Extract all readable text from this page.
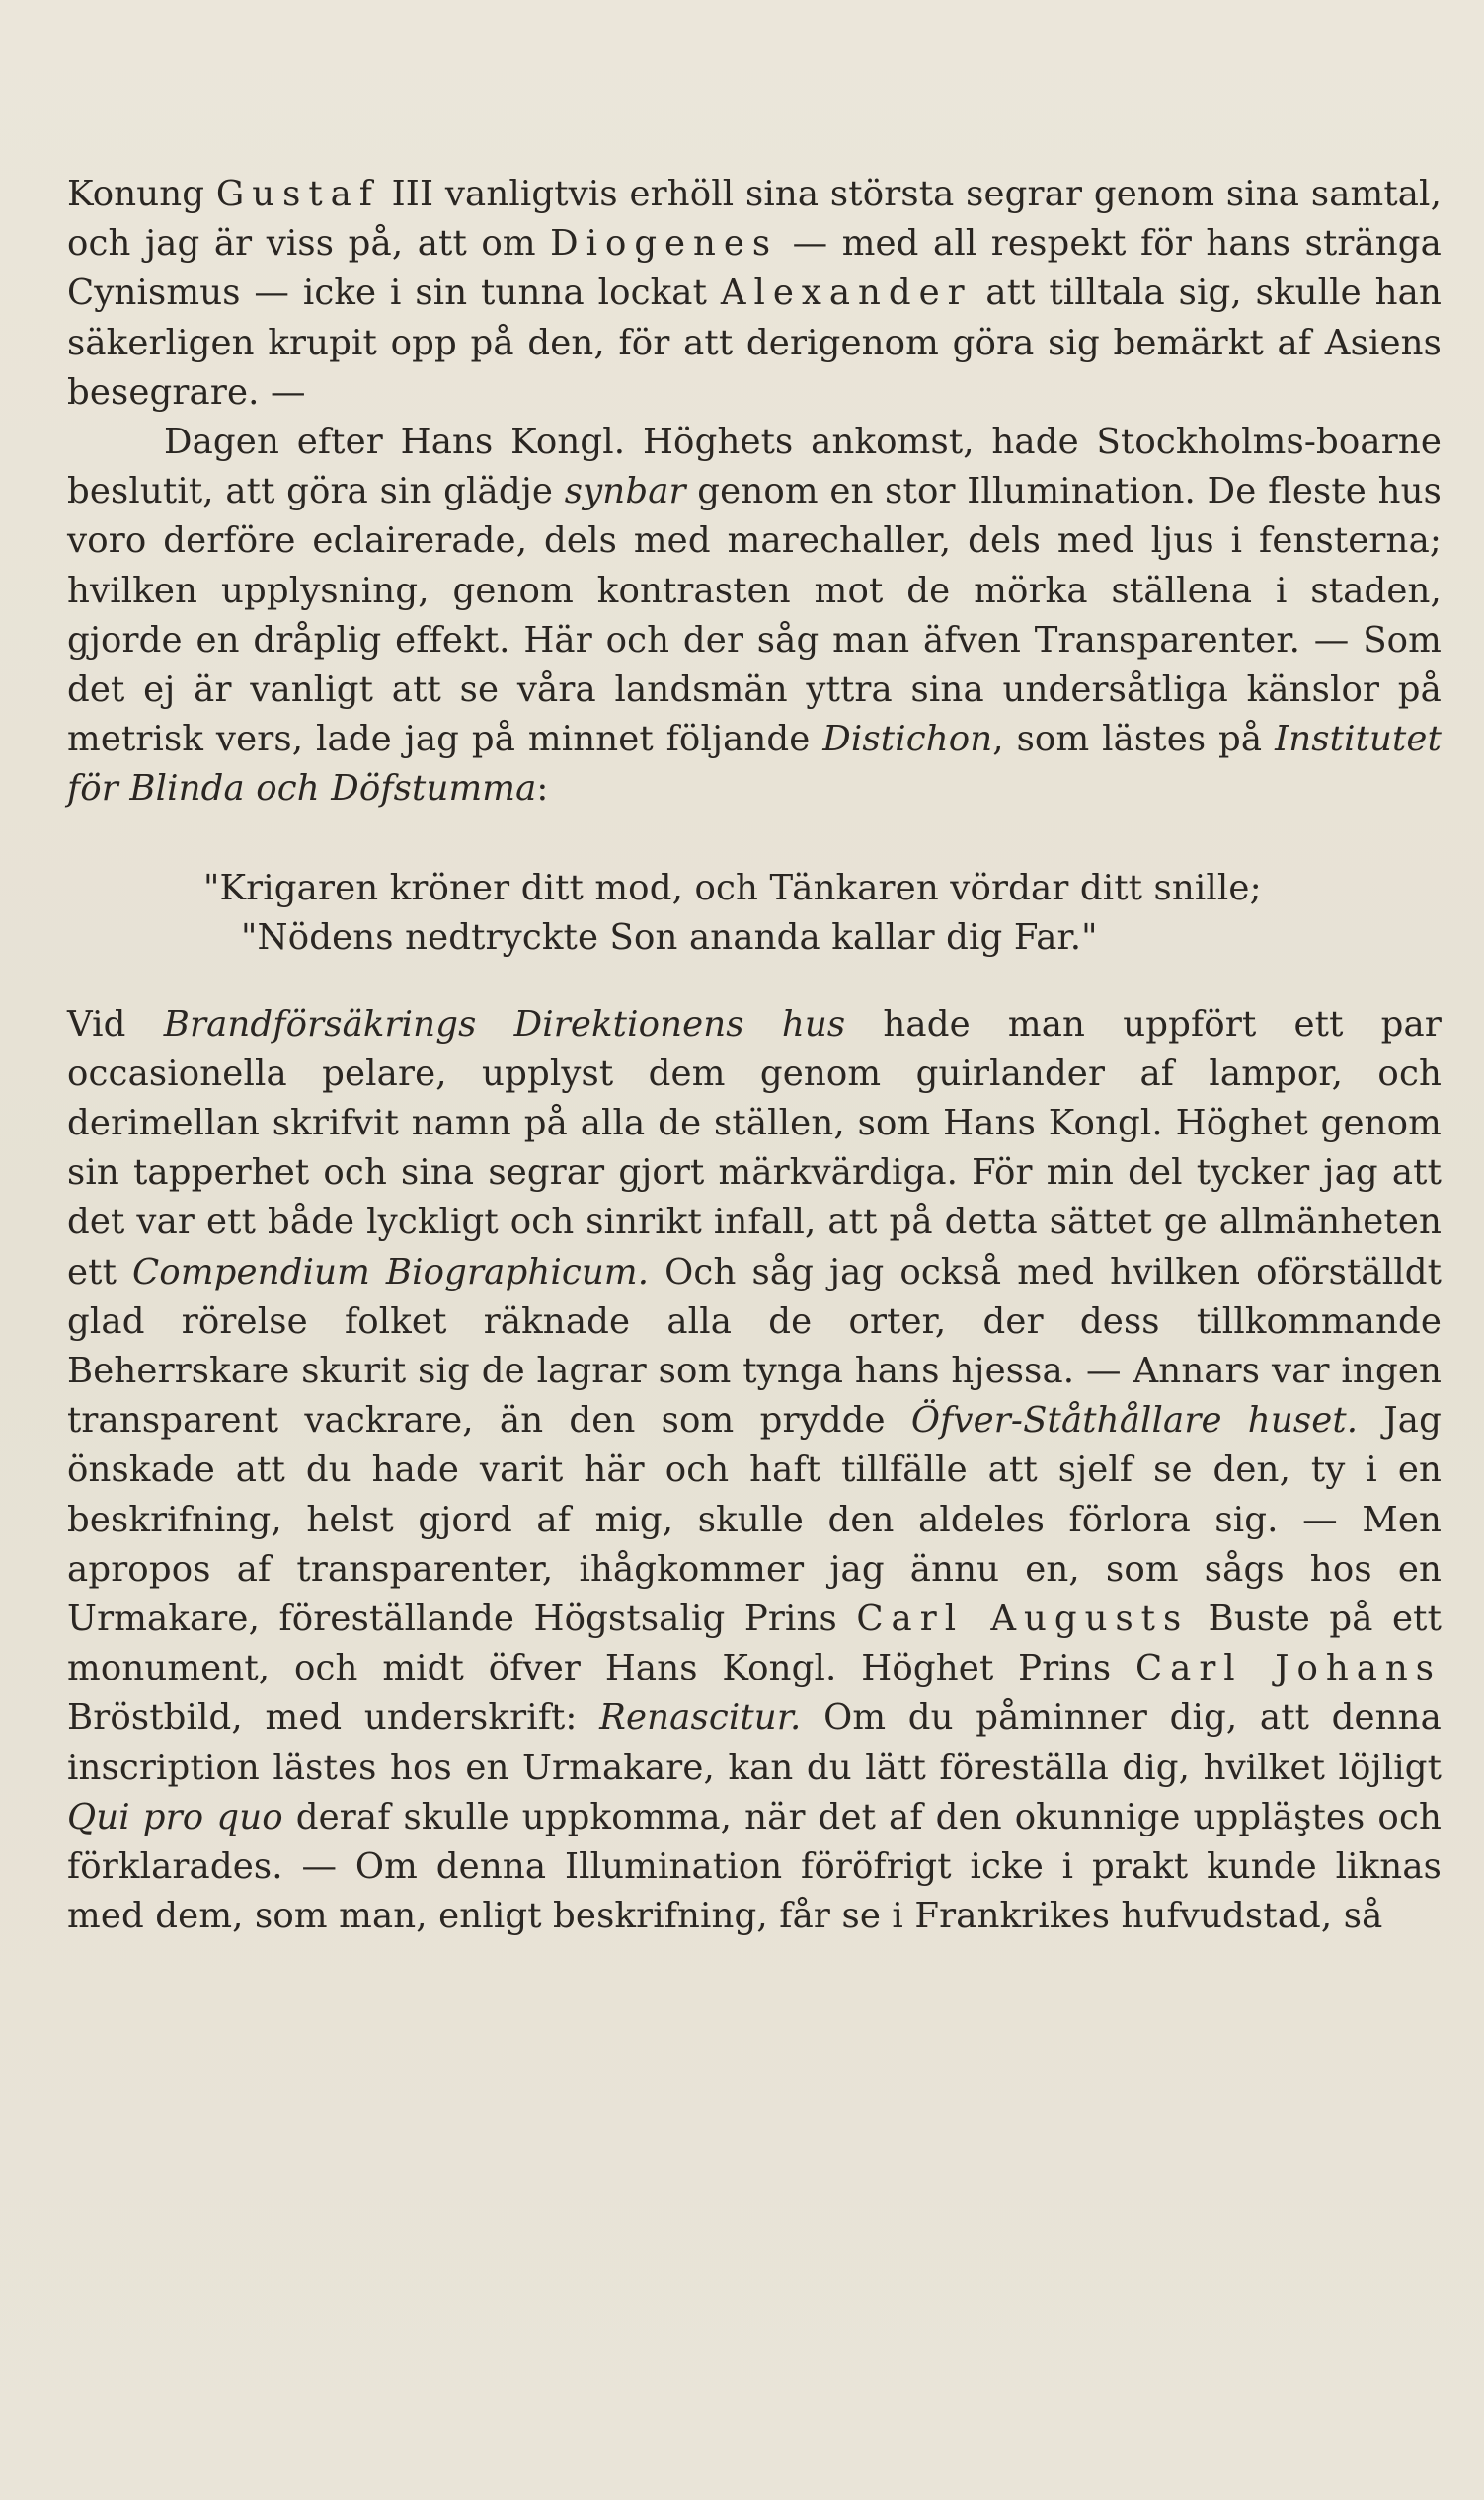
Konung Gustaf III vanligtvis erhöll sina största segrar genom sina samtal, och jag är viss på, att om Diogenes — med all respekt för hans stränga Cynismus — icke i sin tunna lockat Alexander att tilltala sig, skulle han säkerligen krupit opp på den, för att derigenom göra sig bemärkt af Asiens besegrare. —

Dagen efter Hans Kongl. Höghets ankomst, hade Stockholms-boarne beslutit, att göra sin glädje synbar genom en stor Illumination. De fleste hus voro derföre eclairerade, dels med marechaller, dels med ljus i fensterna; hvilken upplysning, genom kontrasten mot de mörka ställena i staden, gjorde en dråplig effekt. Här och der såg man äfven Transparenter. — Som det ej är vanligt att se våra landsmän yttra sina undersåtliga känslor på metrisk vers, lade jag på minnet följande Distichon, som lästes på Institutet för Blinda och Döfstumma:

"Krigaren kröner ditt mod, och Tänkaren vördar ditt snille;
"Nödens nedtryckte Son ananda kallar dig Far."

Vid Brandförsäkrings Direktionens hus hade man uppfört ett par occasionella pelare, upplyst dem genom guirlander af lampor, och derimellan skrifvit namn på alla de ställen, som Hans Kongl. Höghet genom sin tapperhet och sina segrar gjort märkvärdiga. För min del tycker jag att det var ett både lyckligt och sinrikt infall, att på detta sättet ge allmänheten ett Compendium Biographicum. Och såg jag också med hvilken oförställdt glad rörelse folket räknade alla de orter, der dess tillkommande Beherrskare skurit sig de lagrar som tynga hans hjessa. — Annars var ingen transparent vackrare, än den som prydde Öfver-Ståthållare huset. Jag önskade att du hade varit här och haft tillfälle att sjelf se den, ty i en beskrifning, helst gjord af mig, skulle den aldeles förlora sig. — Men apropos af transparenter, ihågkommer jag ännu en, som sågs hos en Urmakare, föreställande Högstsalig Prins Carl Augusts Buste på ett monument, och midt öfver Hans Kongl. Höghet Prins Carl Johans Bröstbild, med underskrift: Renascitur. Om du påminner dig, att denna inscription lästes hos en Urmakare, kan du lätt föreställa dig, hvilket löjligt Qui pro quo deraf skulle uppkomma, när det af den okunnige uppläştes och förklarades. — Om denna Illumination föröfrigt icke i prakt kunde liknas med dem, som man, enligt beskrifning, får se i Frankrikes hufvudstad, så
